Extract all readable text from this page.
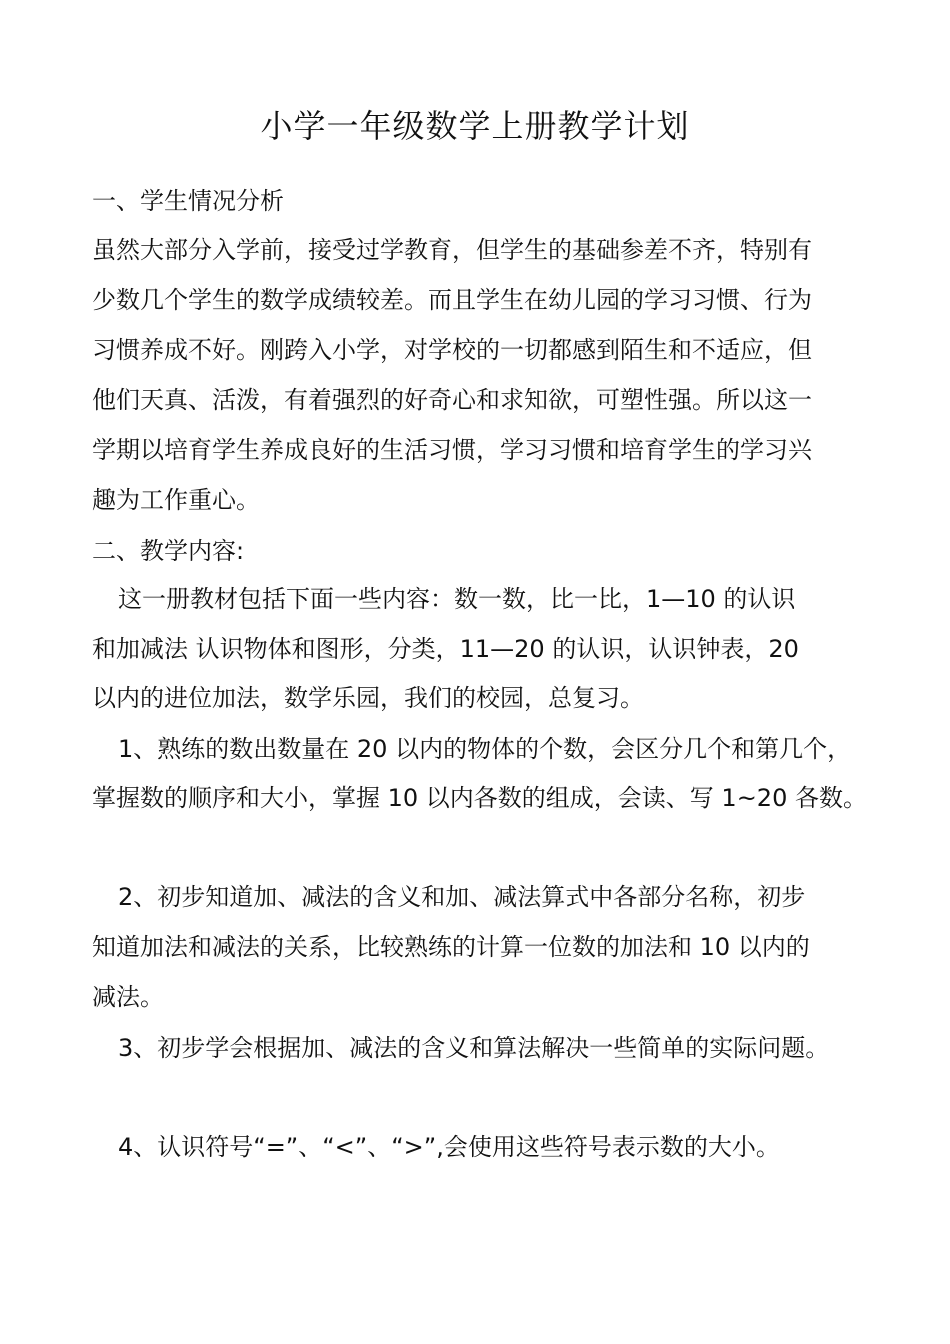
小学一年级数学上册教学计划
一、学生情况分析
虽然大部分入学前，接受过学教育，但学生的基础参差不齐，特别有
少数几个学生的数学成绩较差。而且学生在幼儿园的学习习惯、行为
习惯养成不好。刚跨入小学，对学校的一切都感到陌生和不适应，但
他们天真、活泼，有着强烈的好奇心和求知欲，可塑性强。所以这一
学期以培育学生养成良好的生活习惯，学习习惯和培育学生的学习兴
趣为工作重心。
二、教学内容:
这一册教材包括下面一些内容：数一数，比一比，1—10 的认识
和加减法 认识物体和图形，分类，11—20 的认识，认识钟表，20
以内的进位加法，数学乐园，我们的校园，总复习。
1、熟练的数出数量在 20 以内的物体的个数，会区分几个和第几个，
掌握数的顺序和大小，掌握 10 以内各数的组成，会读、写 1~20 各数。
2、初步知道加、减法的含义和加、减法算式中各部分名称，初步
知道加法和减法的关系，比较熟练的计算一位数的加法和 10 以内的
减法。
3、初步学会根据加、减法的含义和算法解决一些简单的实际问题。
4、认识符号“=”、“<”、“>”,会使用这些符号表示数的大小。
